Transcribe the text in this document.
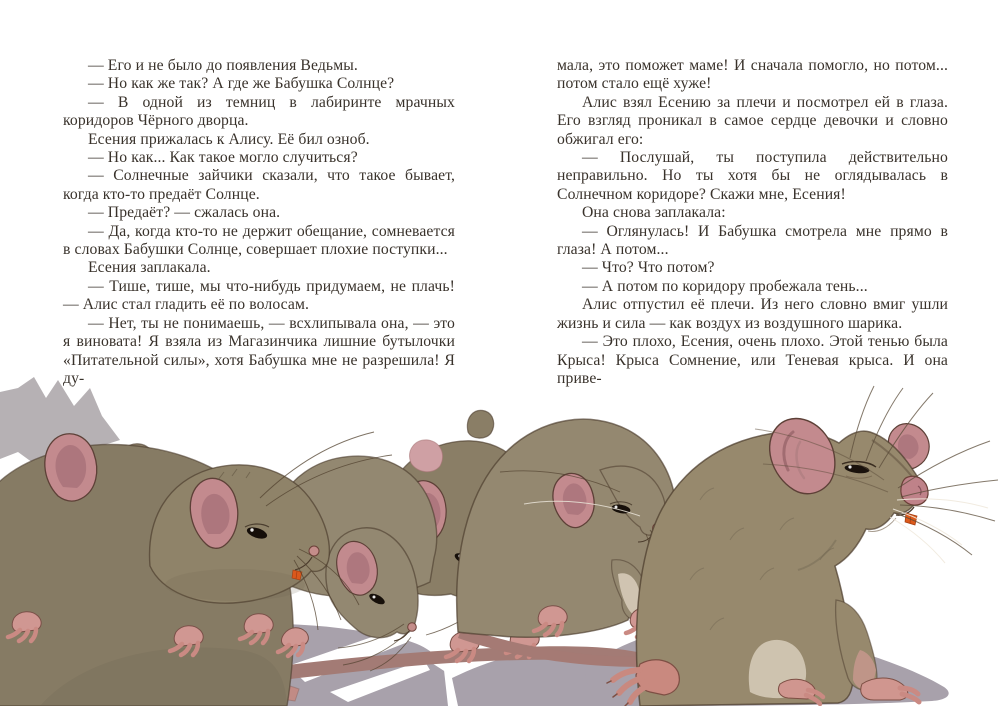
— Его и не было до появления Ведьмы.

— Но как же так? А где же Бабушка Солнце?

— В одной из темниц в лабиринте мрачных коридоров Чёрного дворца.

Есения прижалась к Алису. Её бил озноб.

— Но как... Как такое могло случиться?

— Солнечные зайчики сказали, что такое бывает, когда кто-то предаёт Солнце.

— Предаёт? — сжалась она.

— Да, когда кто-то не держит обещание, сомневается в словах Бабушки Солнце, совершает плохие поступки...

Есения заплакала.

— Тише, тише, мы что-нибудь придумаем, не плачь! — Алис стал гладить её по волосам.

— Нет, ты не понимаешь, — всхлипывала она, — это я виновата! Я взяла из Магазинчика лишние бутылочки «Питательной силы», хотя Бабушка мне не разрешила! Я ду-

мала, это поможет маме! И сначала помогло, но потом... потом стало ещё хуже!

Алис взял Есению за плечи и посмотрел ей в глаза. Его взгляд проникал в самое сердце девочки и словно обжигал его:

— Послушай, ты поступила действительно неправильно. Но ты хотя бы не оглядывалась в Солнечном коридоре? Скажи мне, Есения!

Она снова заплакала:

— Оглянулась! И Бабушка смотрела мне прямо в глаза! А потом...

— Что? Что потом?

— А потом по коридору пробежала тень...

Алис отпустил её плечи. Из него словно вмиг ушли жизнь и сила — как воздух из воздушного шарика.

— Это плохо, Есения, очень плохо. Этой тенью была Крыса! Крыса Сомнение, или Теневая крыса. И она приве-
